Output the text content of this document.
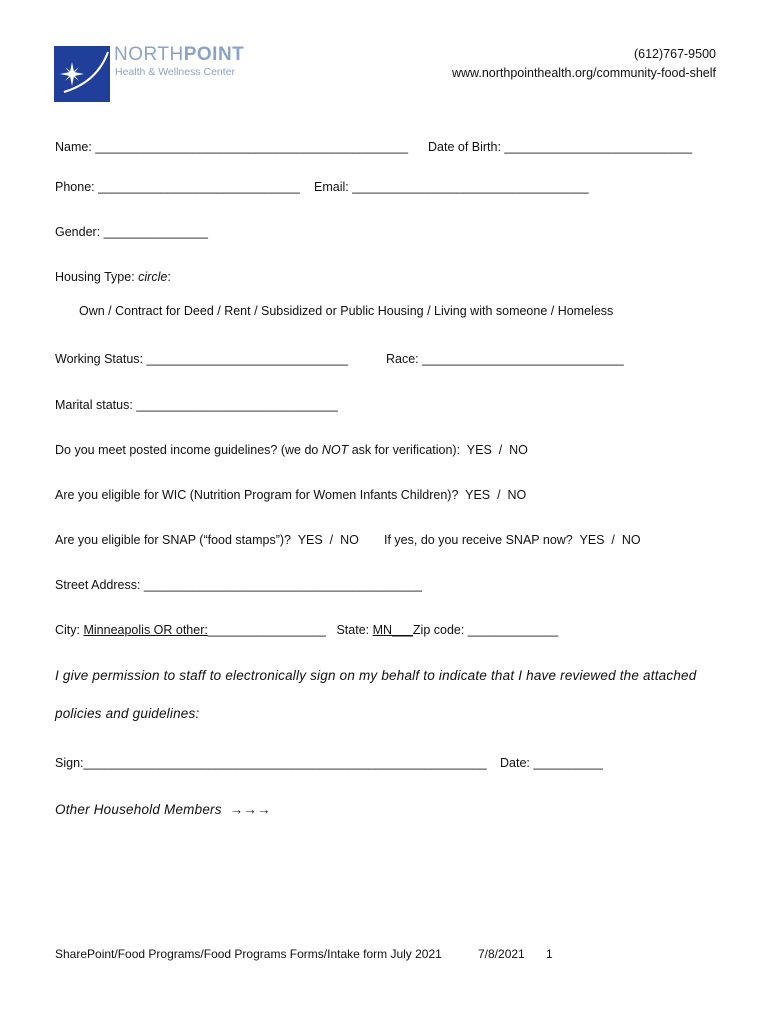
NORTHPOINT
Health & Wellness Center
(612)767-9500
www.northpointhealth.org/community-food-shelf
Name: _____________________________________________ Date of Birth: ___________________________
Phone: _____________________________ Email: __________________________________
Gender: _______________
Housing Type: circle:
Own / Contract for Deed / Rent / Subsidized or Public Housing / Living with someone / Homeless
Working Status: _____________________________	Race: _____________________________
Marital status: _____________________________
Do you meet posted income guidelines? (we do NOT ask for verification):  YES  /  NO
Are you eligible for WIC (Nutrition Program for Women Infants Children)?  YES  /  NO
Are you eligible for SNAP (“food stamps”)?  YES  /  NO If yes, do you receive SNAP now?  YES  /  NO
Street Address: ________________________________________
City: Minneapolis OR other:_________________ State: MN___Zip code: _____________
I give permission to staff to electronically sign on my behalf to indicate that I have reviewed the attached
policies and guidelines:
Sign:__________________________________________________________ Date: __________
Other Household Members  →→→
SharePoint/Food Programs/Food Programs Forms/Intake form July 2021	7/8/2021 1
